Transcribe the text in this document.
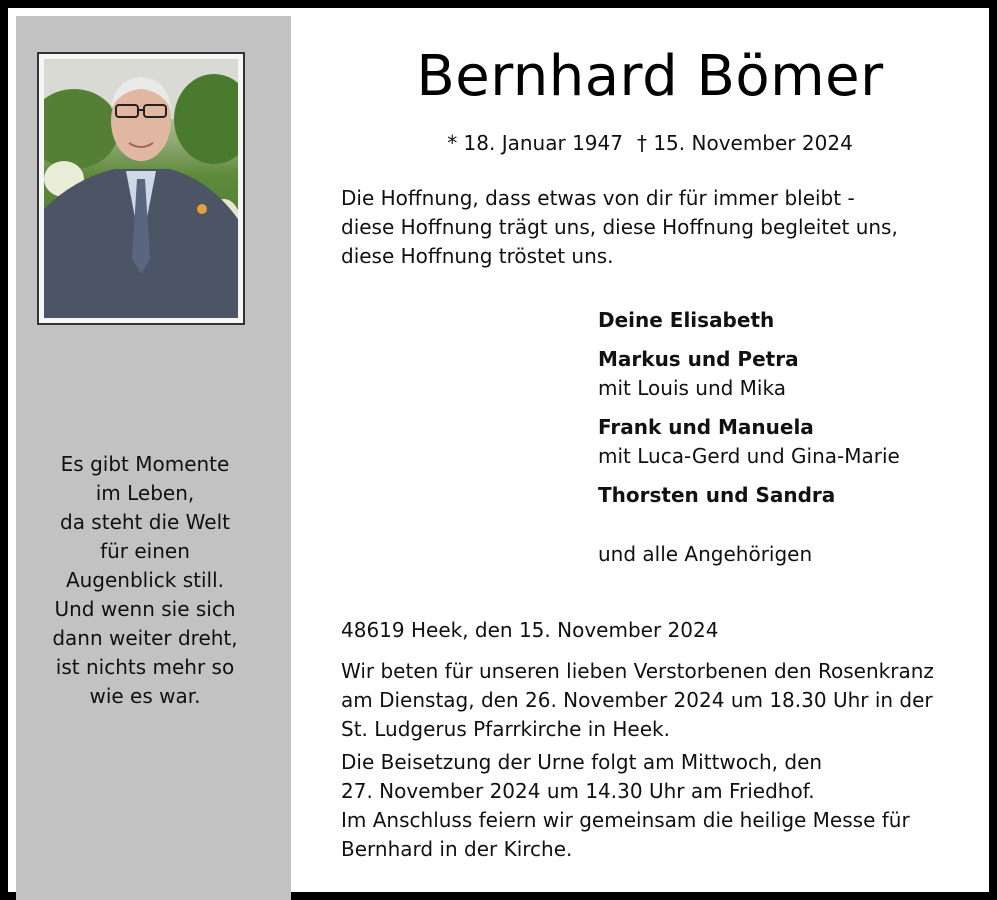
Es gibt Momente
im Leben,
da steht die Welt
für einen
Augenblick still.
Und wenn sie sich
dann weiter dreht,
ist nichts mehr so
wie es war.
Bernhard Bömer
* 18. Januar 1947 † 15. November 2024
Die Hoffnung, dass etwas von dir für immer bleibt -
diese Hoffnung trägt uns, diese Hoffnung begleitet uns,
diese Hoffnung tröstet uns.
Deine Elisabeth
Markus und Petra
mit Louis und Mika
Frank und Manuela
mit Luca-Gerd und Gina-Marie
Thorsten und Sandra
und alle Angehörigen
48619 Heek, den 15. November 2024
Wir beten für unseren lieben Verstorbenen den Rosenkranz
am Dienstag, den 26. November 2024 um 18.30 Uhr in der
St. Ludgerus Pfarrkirche in Heek.
Die Beisetzung der Urne folgt am Mittwoch, den
27. November 2024 um 14.30 Uhr am Friedhof.
Im Anschluss feiern wir gemeinsam die heilige Messe für
Bernhard in der Kirche.
